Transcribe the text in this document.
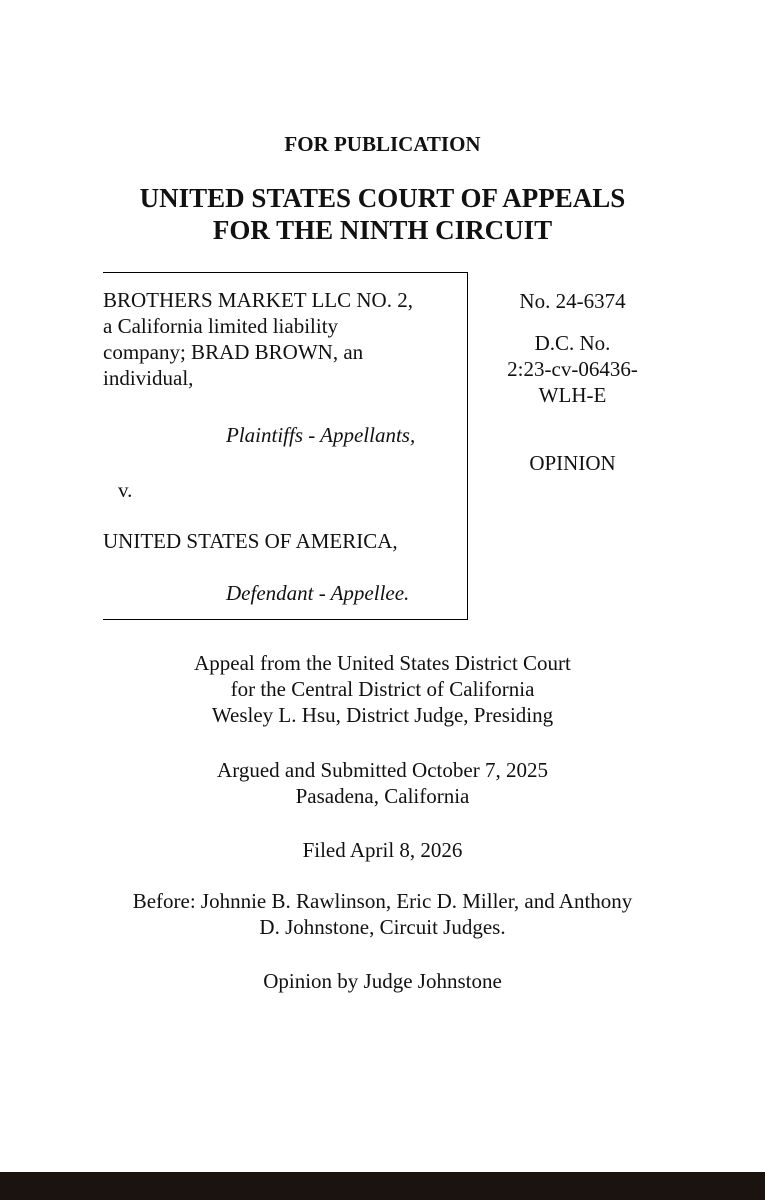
FOR PUBLICATION
UNITED STATES COURT OF APPEALS
FOR THE NINTH CIRCUIT
BROTHERS MARKET LLC NO. 2,
a California limited liability
company; BRAD BROWN, an
individual,
Plaintiffs - Appellants,
v.
UNITED STATES OF AMERICA,
Defendant - Appellee.
No. 24-6374
D.C. No.
2:23-cv-06436-
WLH-E
OPINION
Appeal from the United States District Court
for the Central District of California
Wesley L. Hsu, District Judge, Presiding
Argued and Submitted October 7, 2025
Pasadena, California
Filed April 8, 2026
Before: Johnnie B. Rawlinson, Eric D. Miller, and Anthony
D. Johnstone, Circuit Judges.
Opinion by Judge Johnstone
